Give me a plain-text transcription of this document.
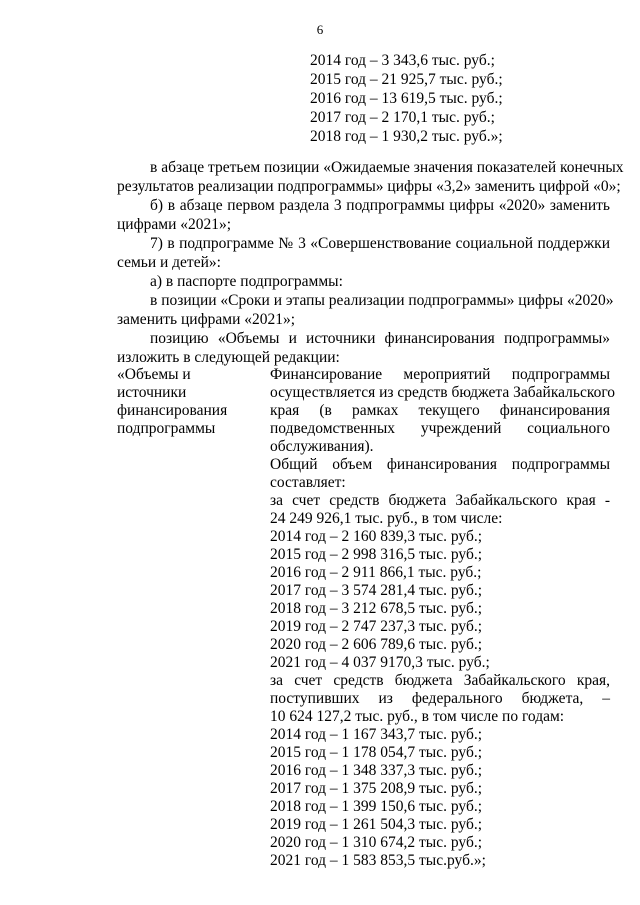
6
2014 год – 3 343,6 тыс. руб.;
2015 год – 21 925,7 тыс. руб.;
2016 год – 13 619,5 тыс. руб.;
2017 год – 2 170,1 тыс. руб.;
2018 год – 1 930,2 тыс. руб.»;
в абзаце третьем позиции «Ожидаемые значения показателей конечных
результатов реализации подпрограммы» цифры «3,2» заменить цифрой «0»;
б) в абзаце первом раздела 3 подпрограммы цифры «2020» заменить
цифрами «2021»;
7) в подпрограмме № 3 «Совершенствование социальной поддержки
семьи и детей»:
а) в паспорте подпрограммы:
в позиции «Сроки и этапы реализации подпрограммы» цифры «2020»
заменить цифрами «2021»;
позицию «Объемы и источники финансирования подпрограммы»
изложить в следующей редакции:
«Объемы и
источники
финансирования
подпрограммы
Финансирование мероприятий подпрограммы
осуществляется из средств бюджета Забайкальского
края (в рамках текущего финансирования
подведомственных учреждений социального
обслуживания).
Общий объем финансирования подпрограммы
составляет:
за счет средств бюджета Забайкальского края -
24 249 926,1 тыс. руб., в том числе:
2014 год – 2 160 839,3 тыс. руб.;
2015 год – 2 998 316,5 тыс. руб.;
2016 год – 2 911 866,1 тыс. руб.;
2017 год – 3 574 281,4 тыс. руб.;
2018 год – 3 212 678,5 тыс. руб.;
2019 год – 2 747 237,3 тыс. руб.;
2020 год – 2 606 789,6 тыс. руб.;
2021 год – 4 037 9170,3 тыс. руб.;
за счет средств бюджета Забайкальского края,
поступивших из федерального бюджета, –
10 624 127,2 тыс. руб., в том числе по годам:
2014 год – 1 167 343,7 тыс. руб.;
2015 год – 1 178 054,7 тыс. руб.;
2016 год – 1 348 337,3 тыс. руб.;
2017 год – 1 375 208,9 тыс. руб.;
2018 год – 1 399 150,6 тыс. руб.;
2019 год – 1 261 504,3 тыс. руб.;
2020 год – 1 310 674,2 тыс. руб.;
2021 год – 1 583 853,5 тыс.руб.»;
